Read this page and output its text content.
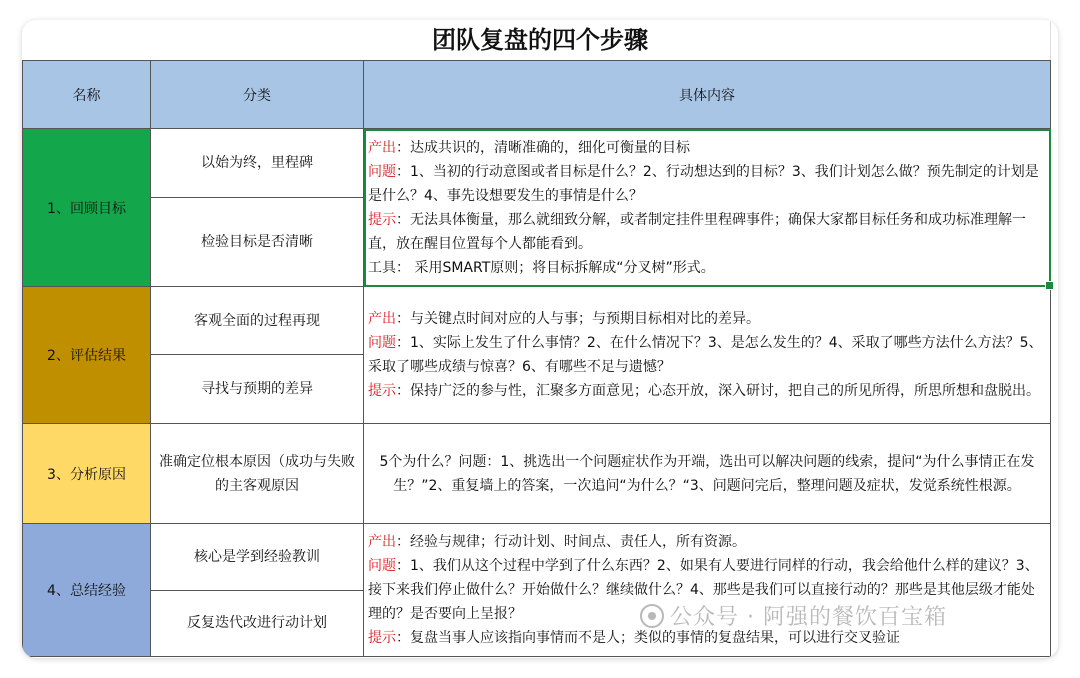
团队复盘的四个步骤
名称	分类	具体内容
1、回顾目标	以始为终，里程碑	产出：达成共识的，清晰准确的，细化可衡量的目标

问题：1、当初的行动意图或者目标是什么？2、行动想达到的目标？3、我们计划怎么做？预先制定的计划是是什么？4、事先设想要发生的事情是什么？

提示：无法具体衡量，那么就细致分解，或者制定挂件里程碑事件；确保大家都目标任务和成功标准理解一直，放在醒目位置每个人都能看到。

工具： 采用SMART原则；将目标拆解成“分叉树”形式。

	检验目标是否清晰	
2、评估结果	客观全面的过程再现	产出：与关键点时间对应的人与事；与预期目标相对比的差异。

问题：1、实际上发生了什么事情？2、在什么情况下？3、是怎么发生的？4、采取了哪些方法什么方法？5、采取了哪些成绩与惊喜？6、有哪些不足与遗憾？

提示：保持广泛的参与性，汇聚多方面意见；心态开放，深入研讨，把自己的所见所得，所思所想和盘脱出。

	寻找与预期的差异	
3、分析原因	准确定位根本原因（成功与失败的主客观原因	5个为什么？问题：1、挑选出一个问题症状作为开端，选出可以解决问题的线索，提问“为什么事情正在发生？”2、重复墙上的答案，一次追问“为什么？“3、问题问完后，整理问题及症状，发觉系统性根源。

4、总结经验	核心是学到经验教训	产出：经验与规律；行动计划、时间点、责任人，所有资源。

问题：1、我们从这个过程中学到了什么东西？2、如果有人要进行同样的行动，我会给他什么样的建议？3、接下来我们停止做什么？开始做什么？继续做什么？4、那些是我们可以直接行动的？那些是其他层级才能处理的？是否要向上呈报？

提示：复盘当事人应该指向事情而不是人；类似的事情的复盘结果，可以进行交叉验证

	反复迭代改进行动计划		公众号 · 阿强的餐饮百宝箱
